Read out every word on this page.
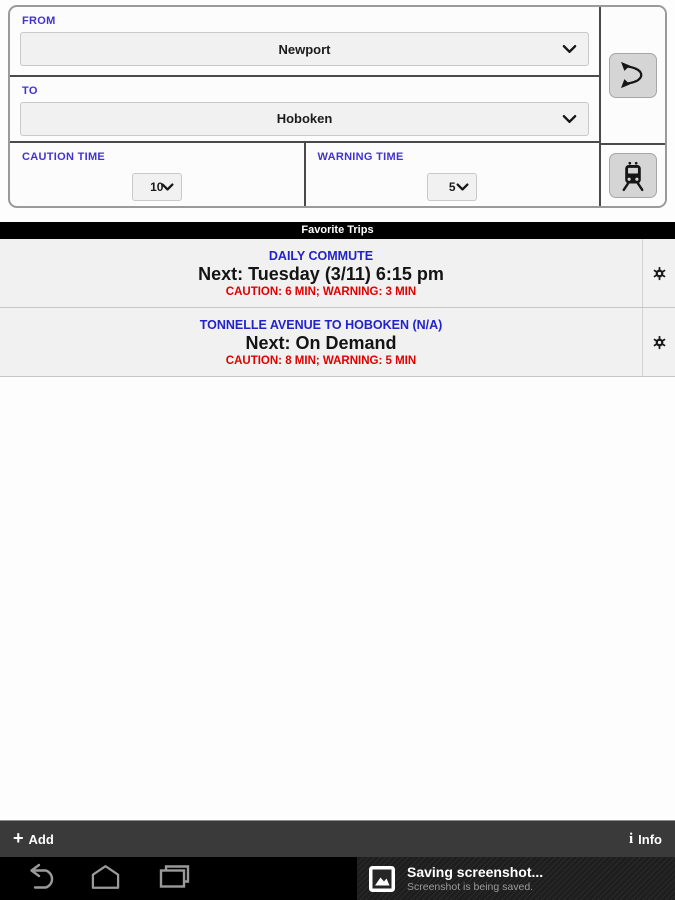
FROM
Newport
TO
Hoboken
CAUTION TIME
10
WARNING TIME
5
Favorite Trips
DAILY COMMUTE
Next: Tuesday (3/11) 6:15 pm
CAUTION: 6 MIN; WARNING: 3 MIN
TONNELLE AVENUE TO HOBOKEN (N/A)
Next: On Demand
CAUTION: 8 MIN; WARNING: 5 MIN
+ Add	i Info
Saving screenshot...
Screenshot is being saved.
